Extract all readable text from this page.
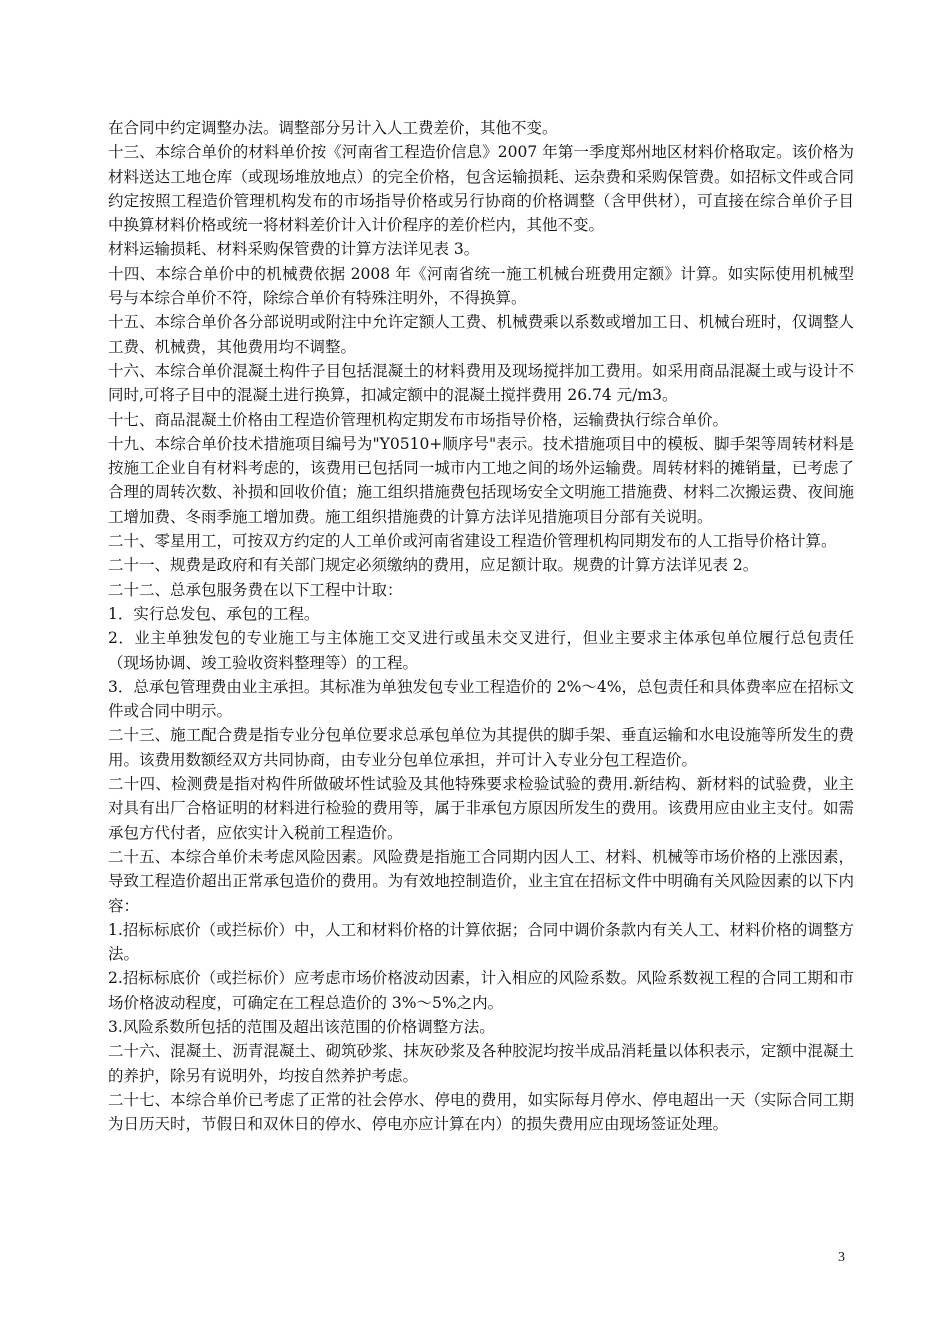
在合同中约定调整办法。调整部分另计入人工费差价，其他不变。

十三、本综合单价的材料单价按《河南省工程造价信息》2007 年第一季度郑州地区材料价格取定。该价格为材料送达工地仓库（或现场堆放地点）的完全价格，包含运输损耗、运杂费和采购保管费。如招标文件或合同约定按照工程造价管理机构发布的市场指导价格或另行协商的价格调整（含甲供材），可直接在综合单价子目中换算材料价格或统一将材料差价计入计价程序的差价栏内，其他不变。

材料运输损耗、材料采购保管费的计算方法详见表 3。

十四、本综合单价中的机械费依据 2008 年《河南省统一施工机械台班费用定额》计算。如实际使用机械型号与本综合单价不符，除综合单价有特殊注明外，不得换算。

十五、本综合单价各分部说明或附注中允许定额人工费、机械费乘以系数或增加工日、机械台班时，仅调整人工费、机械费，其他费用均不调整。

十六、本综合单价混凝土构件子目包括混凝土的材料费用及现场搅拌加工费用。如采用商品混凝土或与设计不同时,可将子目中的混凝土进行换算，扣减定额中的混凝土搅拌费用 26.74 元/m3。

十七、商品混凝土价格由工程造价管理机构定期发布市场指导价格，运输费执行综合单价。

十九、本综合单价技术措施项目编号为"Y0510+顺序号"表示。技术措施项目中的模板、脚手架等周转材料是按施工企业自有材料考虑的，该费用已包括同一城市内工地之间的场外运输费。周转材料的摊销量，已考虑了合理的周转次数、补损和回收价值；施工组织措施费包括现场安全文明施工措施费、材料二次搬运费、夜间施工增加费、冬雨季施工增加费。施工组织措施费的计算方法详见措施项目分部有关说明。

二十、零星用工，可按双方约定的人工单价或河南省建设工程造价管理机构同期发布的人工指导价格计算。

二十一、规费是政府和有关部门规定必须缴纳的费用，应足额计取。规费的计算方法详见表 2。

二十二、总承包服务费在以下工程中计取：

1．实行总发包、承包的工程。

2．业主单独发包的专业施工与主体施工交叉进行或虽未交叉进行，但业主要求主体承包单位履行总包责任（现场协调、竣工验收资料整理等）的工程。

3．总承包管理费由业主承担。其标准为单独发包专业工程造价的 2%～4%，总包责任和具体费率应在招标文件或合同中明示。

二十三、施工配合费是指专业分包单位要求总承包单位为其提供的脚手架、垂直运输和水电设施等所发生的费用。该费用数额经双方共同协商，由专业分包单位承担，并可计入专业分包工程造价。

二十四、检测费是指对构件所做破坏性试验及其他特殊要求检验试验的费用.新结构、新材料的试验费，业主对具有出厂合格证明的材料进行检验的费用等，属于非承包方原因所发生的费用。该费用应由业主支付。如需承包方代付者，应依实计入税前工程造价。

二十五、本综合单价未考虑风险因素。风险费是指施工合同期内因人工、材料、机械等市场价格的上涨因素，导致工程造价超出正常承包造价的费用。为有效地控制造价，业主宜在招标文件中明确有关风险因素的以下内容：

1.招标标底价（或拦标价）中，人工和材料价格的计算依据；合同中调价条款内有关人工、材料价格的调整方法。

2.招标标底价（或拦标价）应考虑市场价格波动因素，计入相应的风险系数。风险系数视工程的合同工期和市场价格波动程度，可确定在工程总造价的 3%～5%之内。

3.风险系数所包括的范围及超出该范围的价格调整方法。

二十六、混凝土、沥青混凝土、砌筑砂浆、抹灰砂浆及各种胶泥均按半成品消耗量以体积表示，定额中混凝土的养护，除另有说明外，均按自然养护考虑。

二十七、本综合单价已考虑了正常的社会停水、停电的费用，如实际每月停水、停电超出一天（实际合同工期为日历天时，节假日和双休日的停水、停电亦应计算在内）的损失费用应由现场签证处理。

3
